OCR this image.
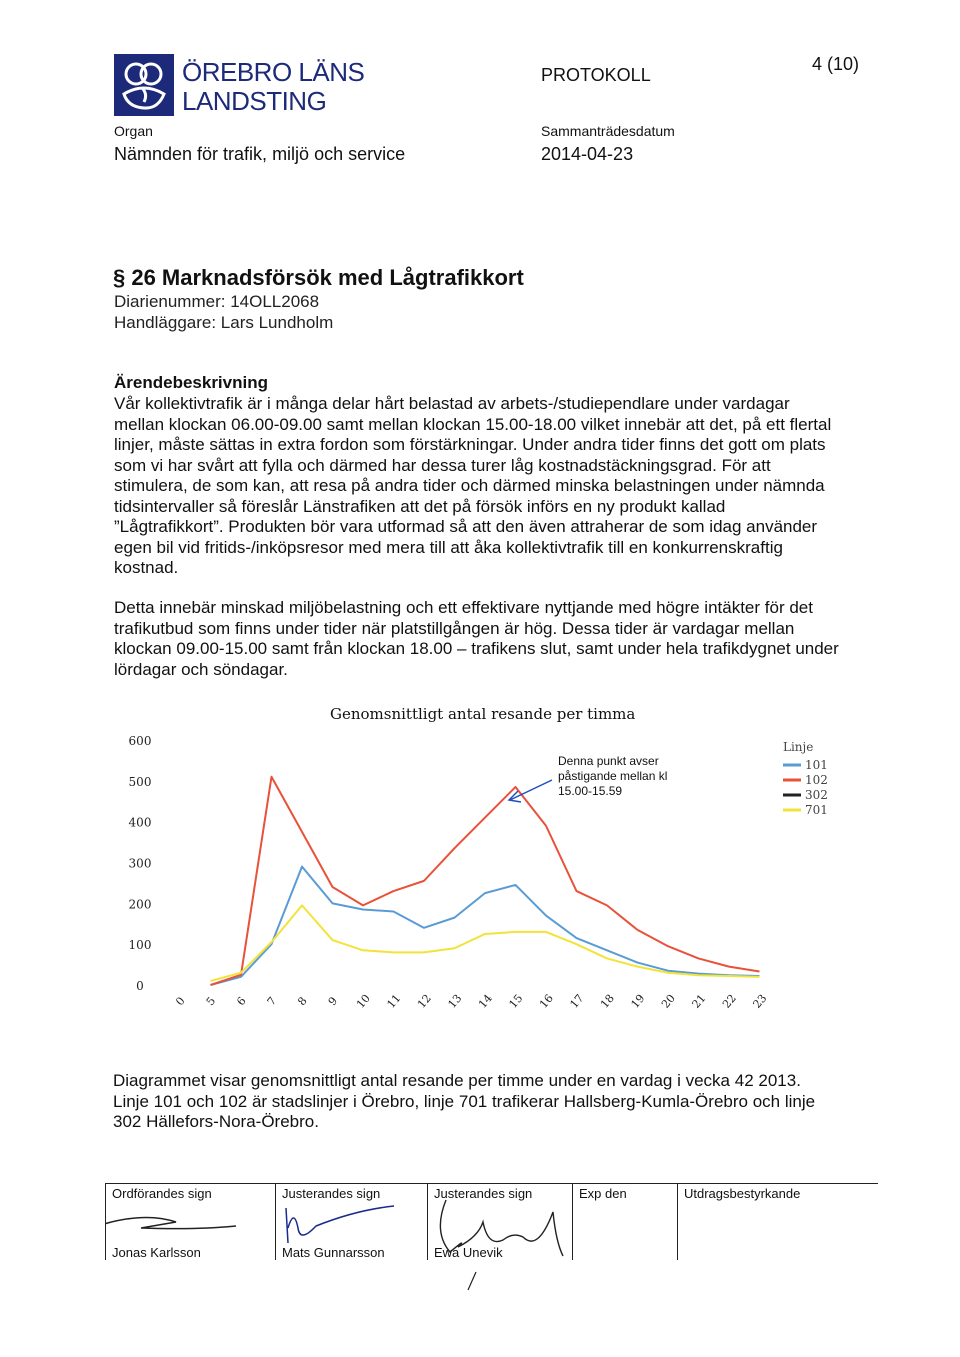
ÖREBRO LÄNS
LANDSTING
PROTOKOLL
4 (10)
Organ
Nämnden för trafik, miljö och service
Sammanträdesdatum
2014-04-23
§ 26 Marknadsförsök med Lågtrafikkort
Diarienummer: 14OLL2068
Handläggare: Lars Lundholm
Ärendebeskrivning
Vår kollektivtrafik är i många delar hårt belastad av arbets-/studiependlare under vardagar
mellan klockan 06.00-09.00 samt mellan klockan 15.00-18.00 vilket innebär att det, på ett flertal
linjer, måste sättas in extra fordon som förstärkningar. Under andra tider finns det gott om plats
som vi har svårt att fylla och därmed har dessa turer låg kostnadstäckningsgrad. För att
stimulera, de som kan, att resa på andra tider och därmed minska belastningen under nämnda
tidsintervaller så föreslår Länstrafiken att det på försök införs en ny produkt kallad
”Lågtrafikkort”. Produkten bör vara utformad så att den även attraherar de som idag använder
egen bil vid fritids-/inköpsresor med mera till att åka kollektivtrafik till en konkurrenskraftig
kostnad.
Detta innebär minskad miljöbelastning och ett effektivare nyttjande med högre intäkter för det
trafikutbud som finns under tider när platstillgången är hög. Dessa tider är vardagar mellan
klockan 09.00-15.00 samt från klockan 18.00 – trafikens slut, samt under hela trafikdygnet under
lördagar och söndagar.
Genomsnittligt antal resande per timma
0
100
200
300
400
500
600
0 5 6 7 8 9 10 11 12 13 14 15 16 17 18 19 20 21 22 23
Linje
101
102
302
701
Denna punkt avser
påstigande mellan kl
15.00-15.59
Diagrammet visar genomsnittligt antal resande per timme under en vardag i vecka 42 2013.
Linje 101 och 102 är stadslinjer i Örebro, linje 701 trafikerar Hallsberg-Kumla-Örebro och linje
302 Hällefors-Nora-Örebro.
Ordförandes sign
Jonas Karlsson
Justerandes sign
Mats Gunnarsson
Justerandes sign
Ewa Unevik
Exp den	Utdragsbestyrkande
